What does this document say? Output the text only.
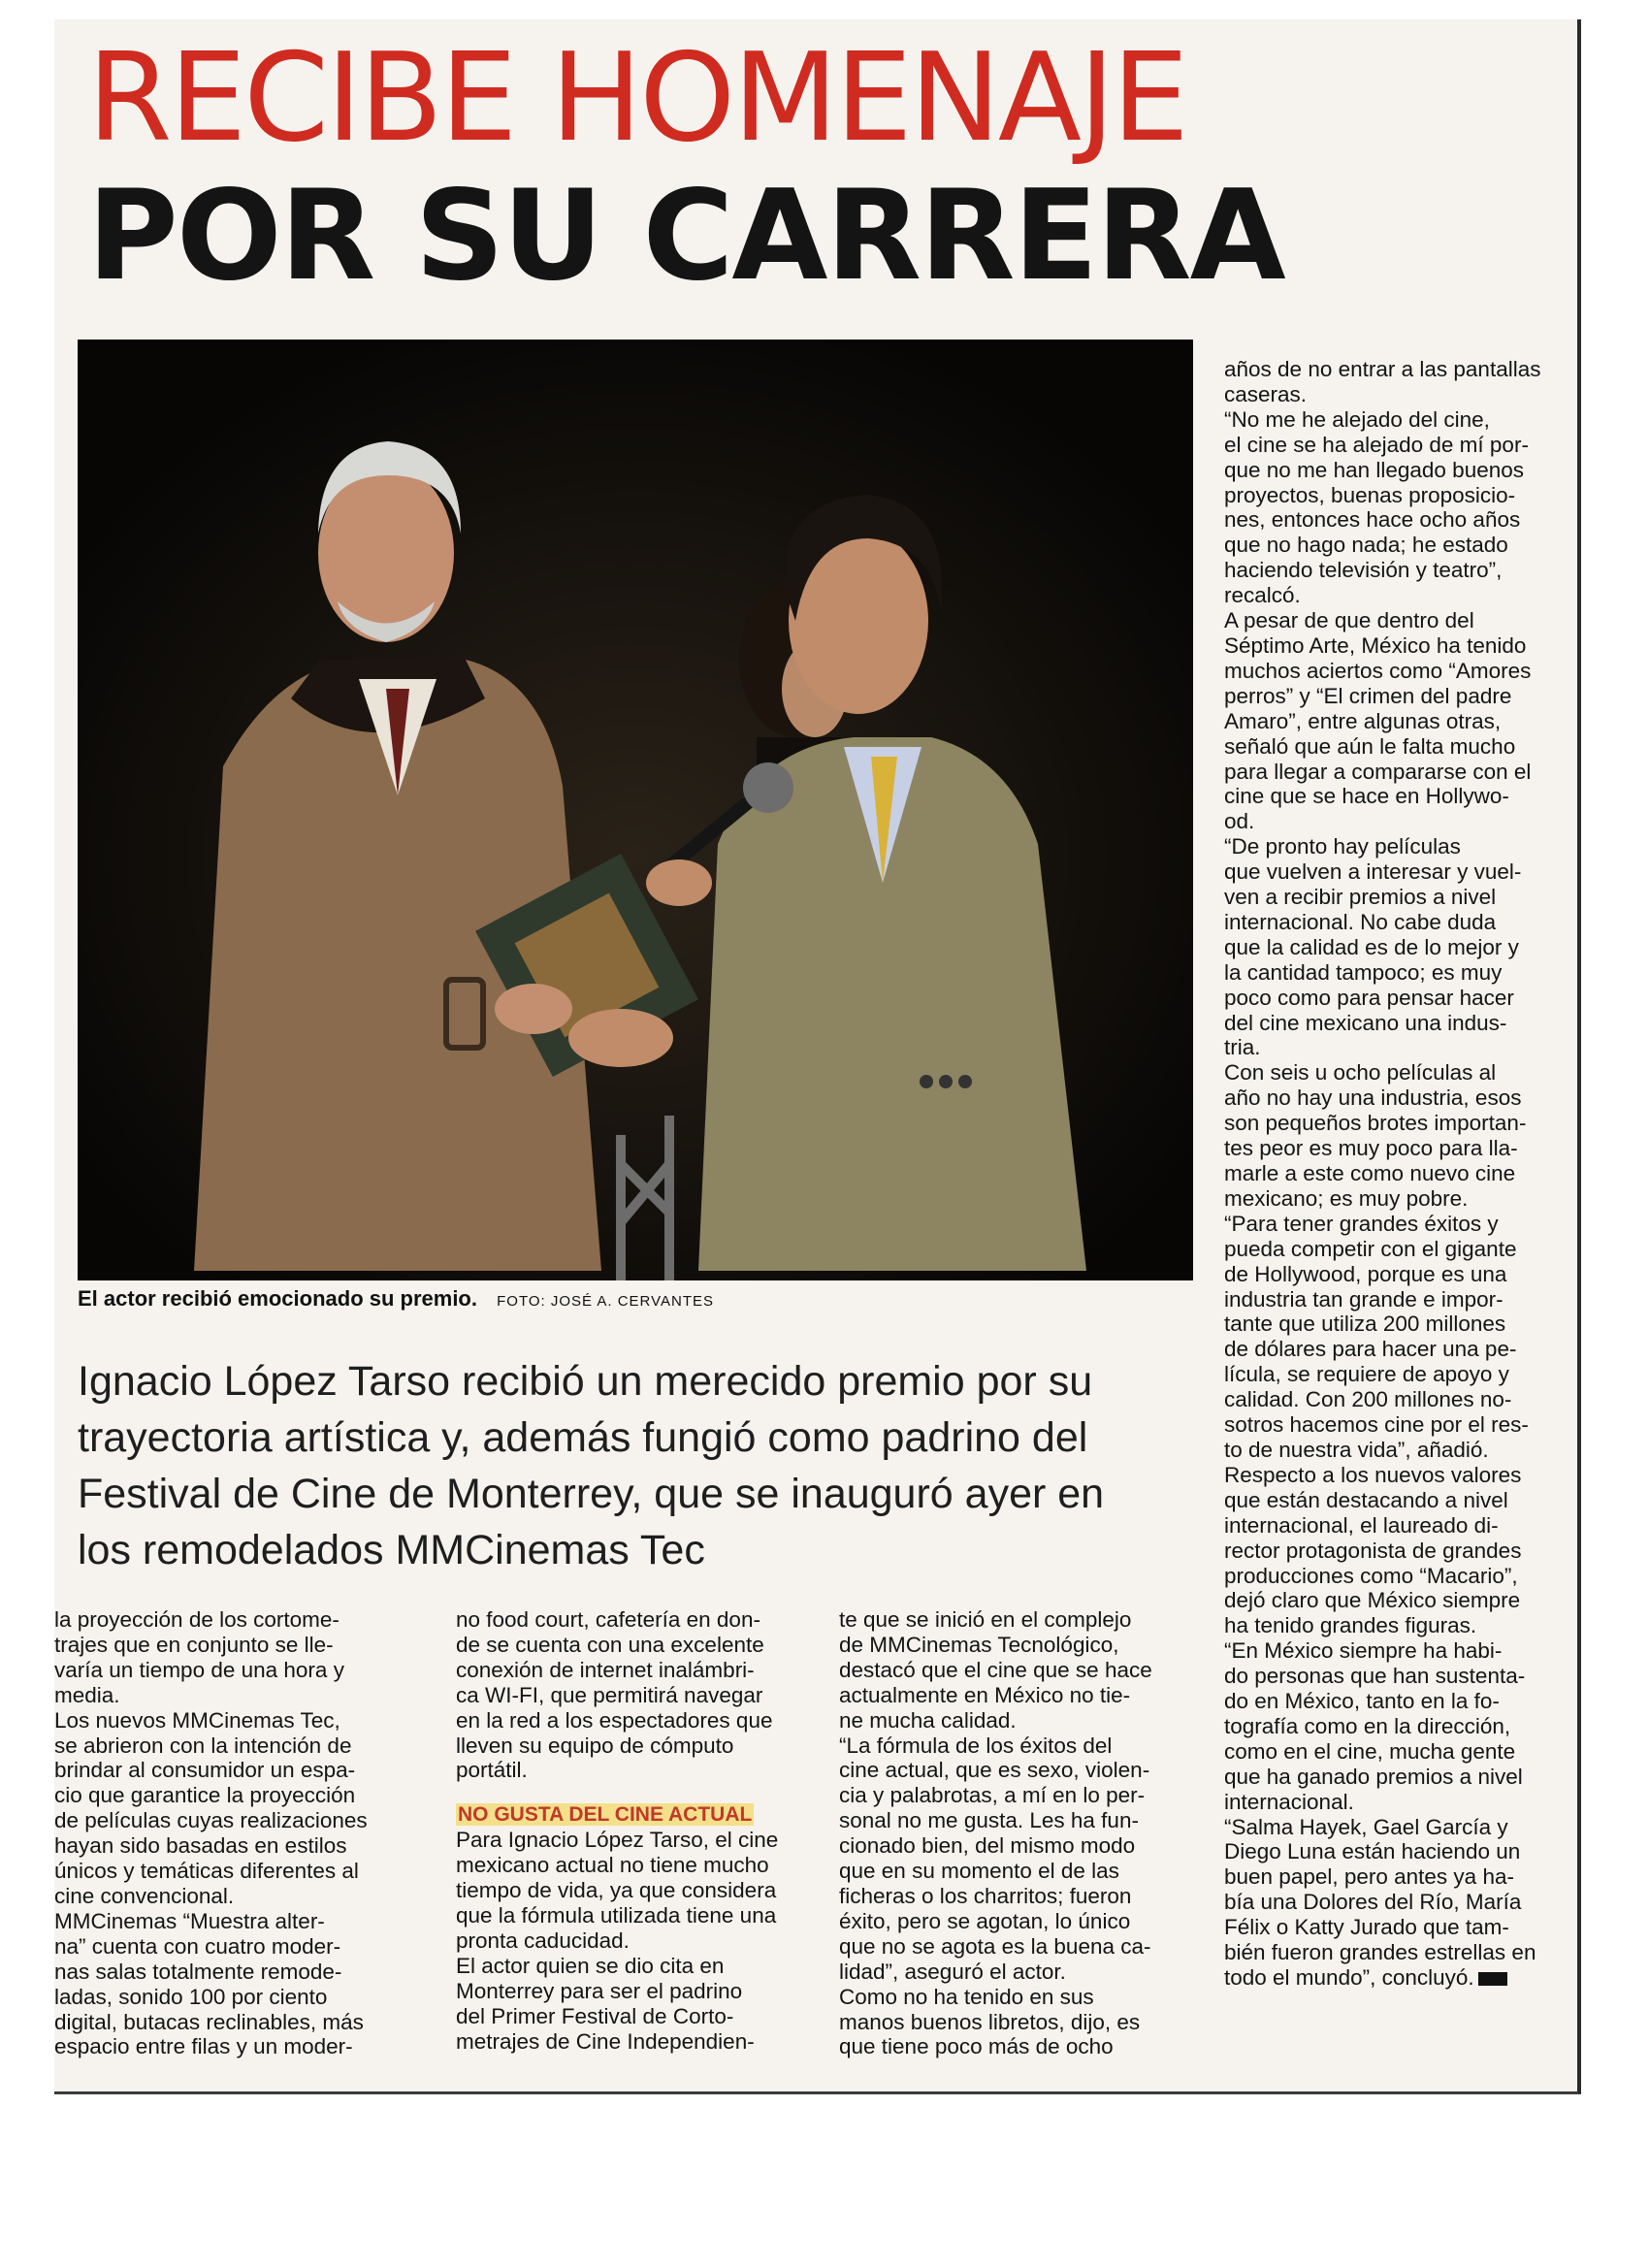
RECIBE HOMENAJE
POR SU CARRERA
El actor recibió emocionado su premio. FOTO: JOSÉ A. CERVANTES
Ignacio López Tarso recibió un merecido premio por su
trayectoria artística y, además fungió como padrino del
Festival de Cine de Monterrey, que se inauguró ayer en
los remodelados MMCinemas Tec
la proyección de los cortome-
trajes que en conjunto se lle-
varía un tiempo de una hora y
media.
Los nuevos MMCinemas Tec,
se abrieron con la intención de
brindar al consumidor un espa-
cio que garantice la proyección
de películas cuyas realizaciones
hayan sido basadas en estilos
únicos y temáticas diferentes al
cine convencional.
MMCinemas “Muestra alter-
na” cuenta con cuatro moder-
nas salas totalmente remode-
ladas, sonido 100 por ciento
digital, butacas reclinables, más
espacio entre filas y un moder-
no food court, cafetería en don-
de se cuenta con una excelente
conexión de internet inalámbri-
ca WI-FI, que permitirá navegar
en la red a los espectadores que
lleven su equipo de cómputo
portátil.
NO GUSTA DEL CINE ACTUAL
Para Ignacio López Tarso, el cine
mexicano actual no tiene mucho
tiempo de vida, ya que considera
que la fórmula utilizada tiene una
pronta caducidad.
El actor quien se dio cita en
Monterrey para ser el padrino
del Primer Festival de Corto-
metrajes de Cine Independien-
te que se inició en el complejo
de MMCinemas Tecnológico,
destacó que el cine que se hace
actualmente en México no tie-
ne mucha calidad.
“La fórmula de los éxitos del
cine actual, que es sexo, violen-
cia y palabrotas, a mí en lo per-
sonal no me gusta. Les ha fun-
cionado bien, del mismo modo
que en su momento el de las
ficheras o los charritos; fueron
éxito, pero se agotan, lo único
que no se agota es la buena ca-
lidad”, aseguró el actor.
Como no ha tenido en sus
manos buenos libretos, dijo, es
que tiene poco más de ocho
años de no entrar a las pantallas
caseras.
“No me he alejado del cine,
el cine se ha alejado de mí por-
que no me han llegado buenos
proyectos, buenas proposicio-
nes, entonces hace ocho años
que no hago nada; he estado
haciendo televisión y teatro”,
recalcó.
A pesar de que dentro del
Séptimo Arte, México ha tenido
muchos aciertos como “Amores
perros” y “El crimen del padre
Amaro”, entre algunas otras,
señaló que aún le falta mucho
para llegar a compararse con el
cine que se hace en Hollywo-
od.
“De pronto hay películas
que vuelven a interesar y vuel-
ven a recibir premios a nivel
internacional. No cabe duda
que la calidad es de lo mejor y
la cantidad tampoco; es muy
poco como para pensar hacer
del cine mexicano una indus-
tria.
Con seis u ocho películas al
año no hay una industria, esos
son pequeños brotes importan-
tes peor es muy poco para lla-
marle a este como nuevo cine
mexicano; es muy pobre.
“Para tener grandes éxitos y
pueda competir con el gigante
de Hollywood, porque es una
industria tan grande e impor-
tante que utiliza 200 millones
de dólares para hacer una pe-
lícula, se requiere de apoyo y
calidad. Con 200 millones no-
sotros hacemos cine por el res-
to de nuestra vida”, añadió.
Respecto a los nuevos valores
que están destacando a nivel
internacional, el laureado di-
rector protagonista de grandes
producciones como “Macario”,
dejó claro que México siempre
ha tenido grandes figuras.
“En México siempre ha habi-
do personas que han sustenta-
do en México, tanto en la fo-
tografía como en la dirección,
como en el cine, mucha gente
que ha ganado premios a nivel
internacional.
“Salma Hayek, Gael García y
Diego Luna están haciendo un
buen papel, pero antes ya ha-
bía una Dolores del Río, María
Félix o Katty Jurado que tam-
bién fueron grandes estrellas en
todo el mundo”, concluyó.
